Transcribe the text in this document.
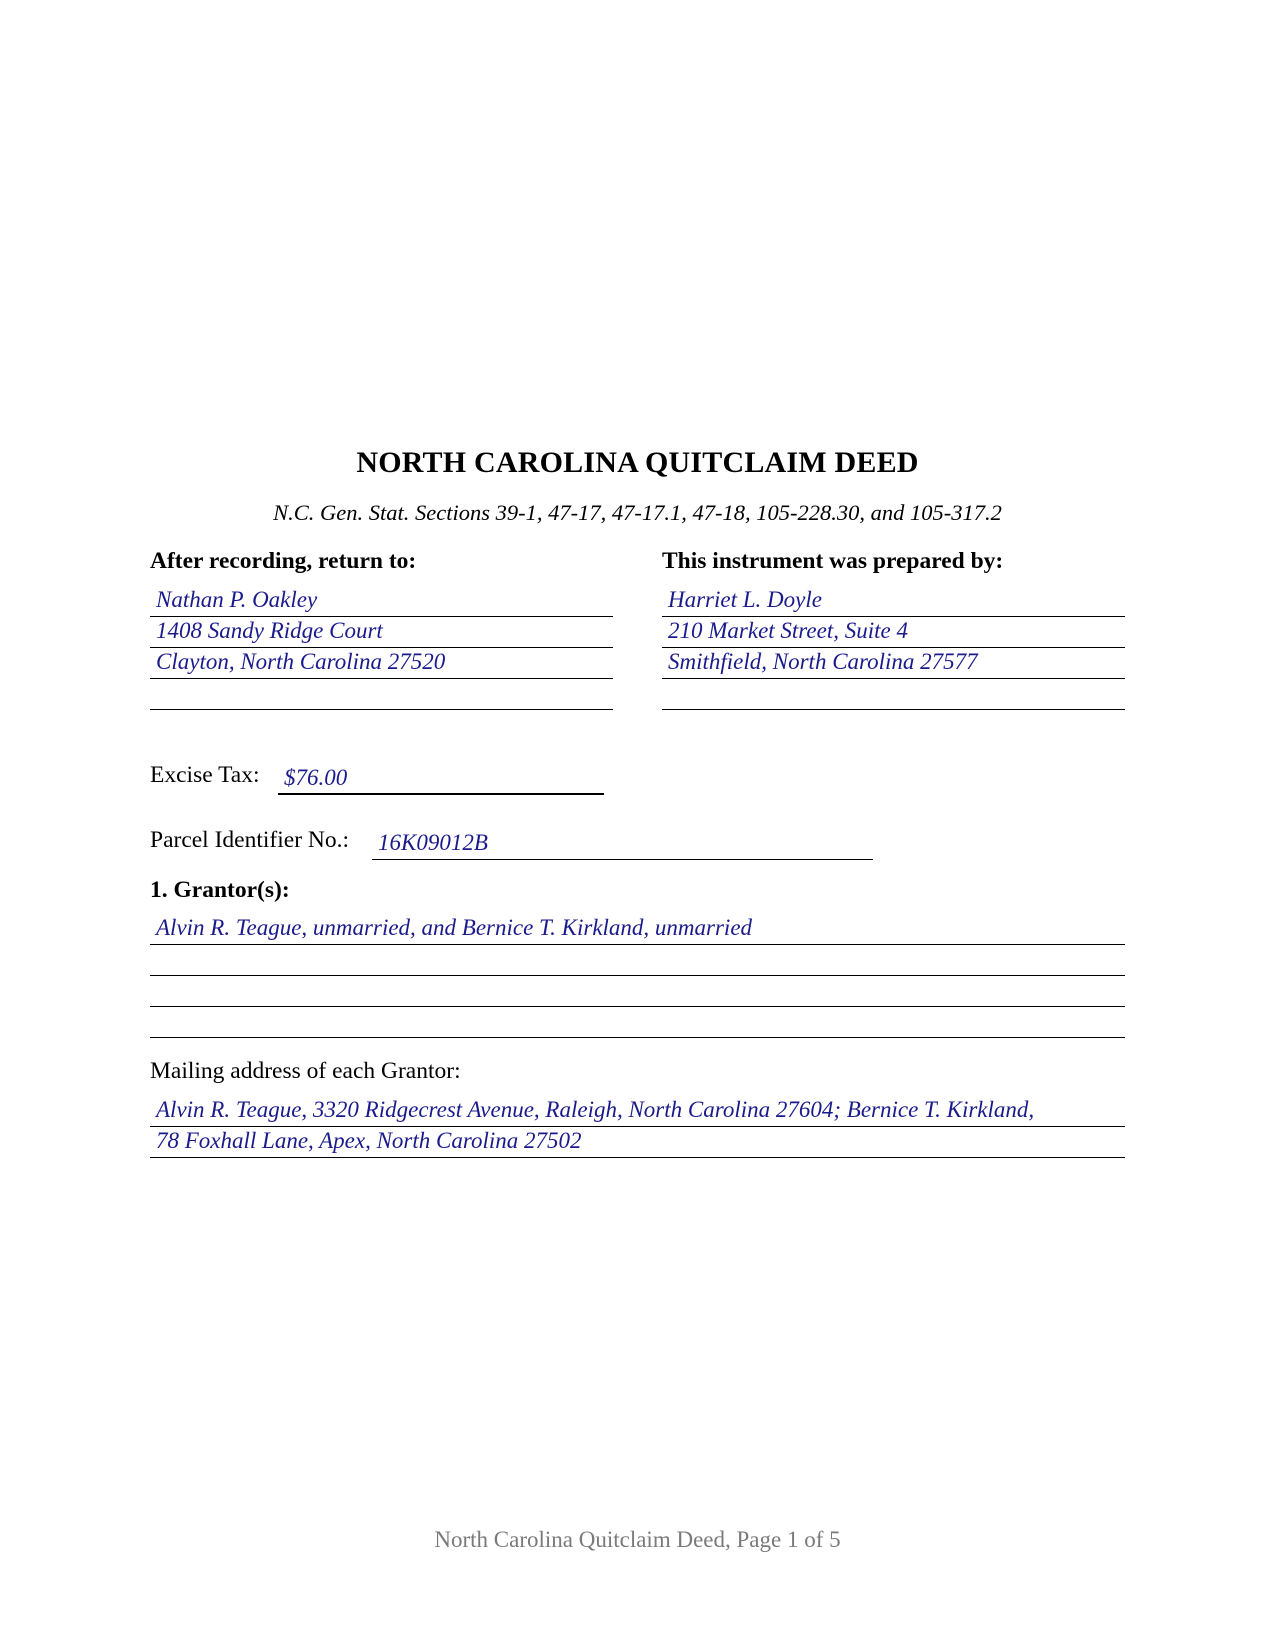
NORTH CAROLINA QUITCLAIM DEED
N.C. Gen. Stat. Sections 39-1, 47-17, 47-17.1, 47-18, 105-228.30, and 105-317.2
After recording, return to:
Nathan P. Oakley
1408 Sandy Ridge Court
Clayton, North Carolina 27520
This instrument was prepared by:
Harriet L. Doyle
210 Market Street, Suite 4
Smithfield, North Carolina 27577
Excise Tax: $76.00
Parcel Identifier No.: 16K09012B
1. Grantor(s):
Alvin R. Teague, unmarried, and Bernice T. Kirkland, unmarried
Mailing address of each Grantor:
Alvin R. Teague, 3320 Ridgecrest Avenue, Raleigh, North Carolina 27604; Bernice T. Kirkland,
78 Foxhall Lane, Apex, North Carolina 27502
North Carolina Quitclaim Deed, Page 1 of 5
